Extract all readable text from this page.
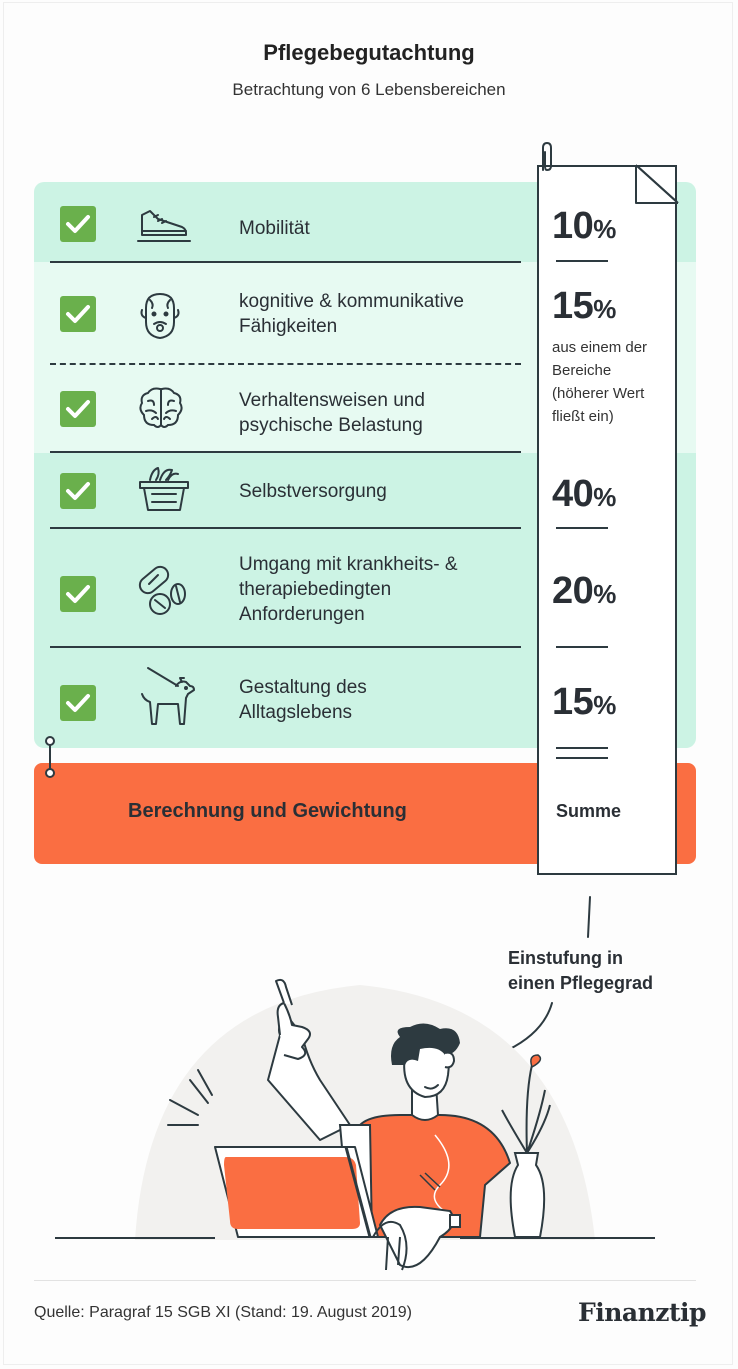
Pflegebegutachtung
Betrachtung von 6 Lebensbereichen
Mobilität
kognitive & kommunikative Fähigkeiten
Verhaltensweisen und psychische Belastung
Selbstversorgung
Umgang mit krankheits- & therapiebedingten Anforderungen
Gestaltung des Alltagslebens
Berechnung und Gewichtung
10%
15%
aus einem der Bereiche (höherer Wert fließt ein)
40%
20%
15%
Summe
Einstufung in
einen Pflegegrad
Quelle: Paragraf 15 SGB XI (Stand: 19. August 2019)	Finanztip
